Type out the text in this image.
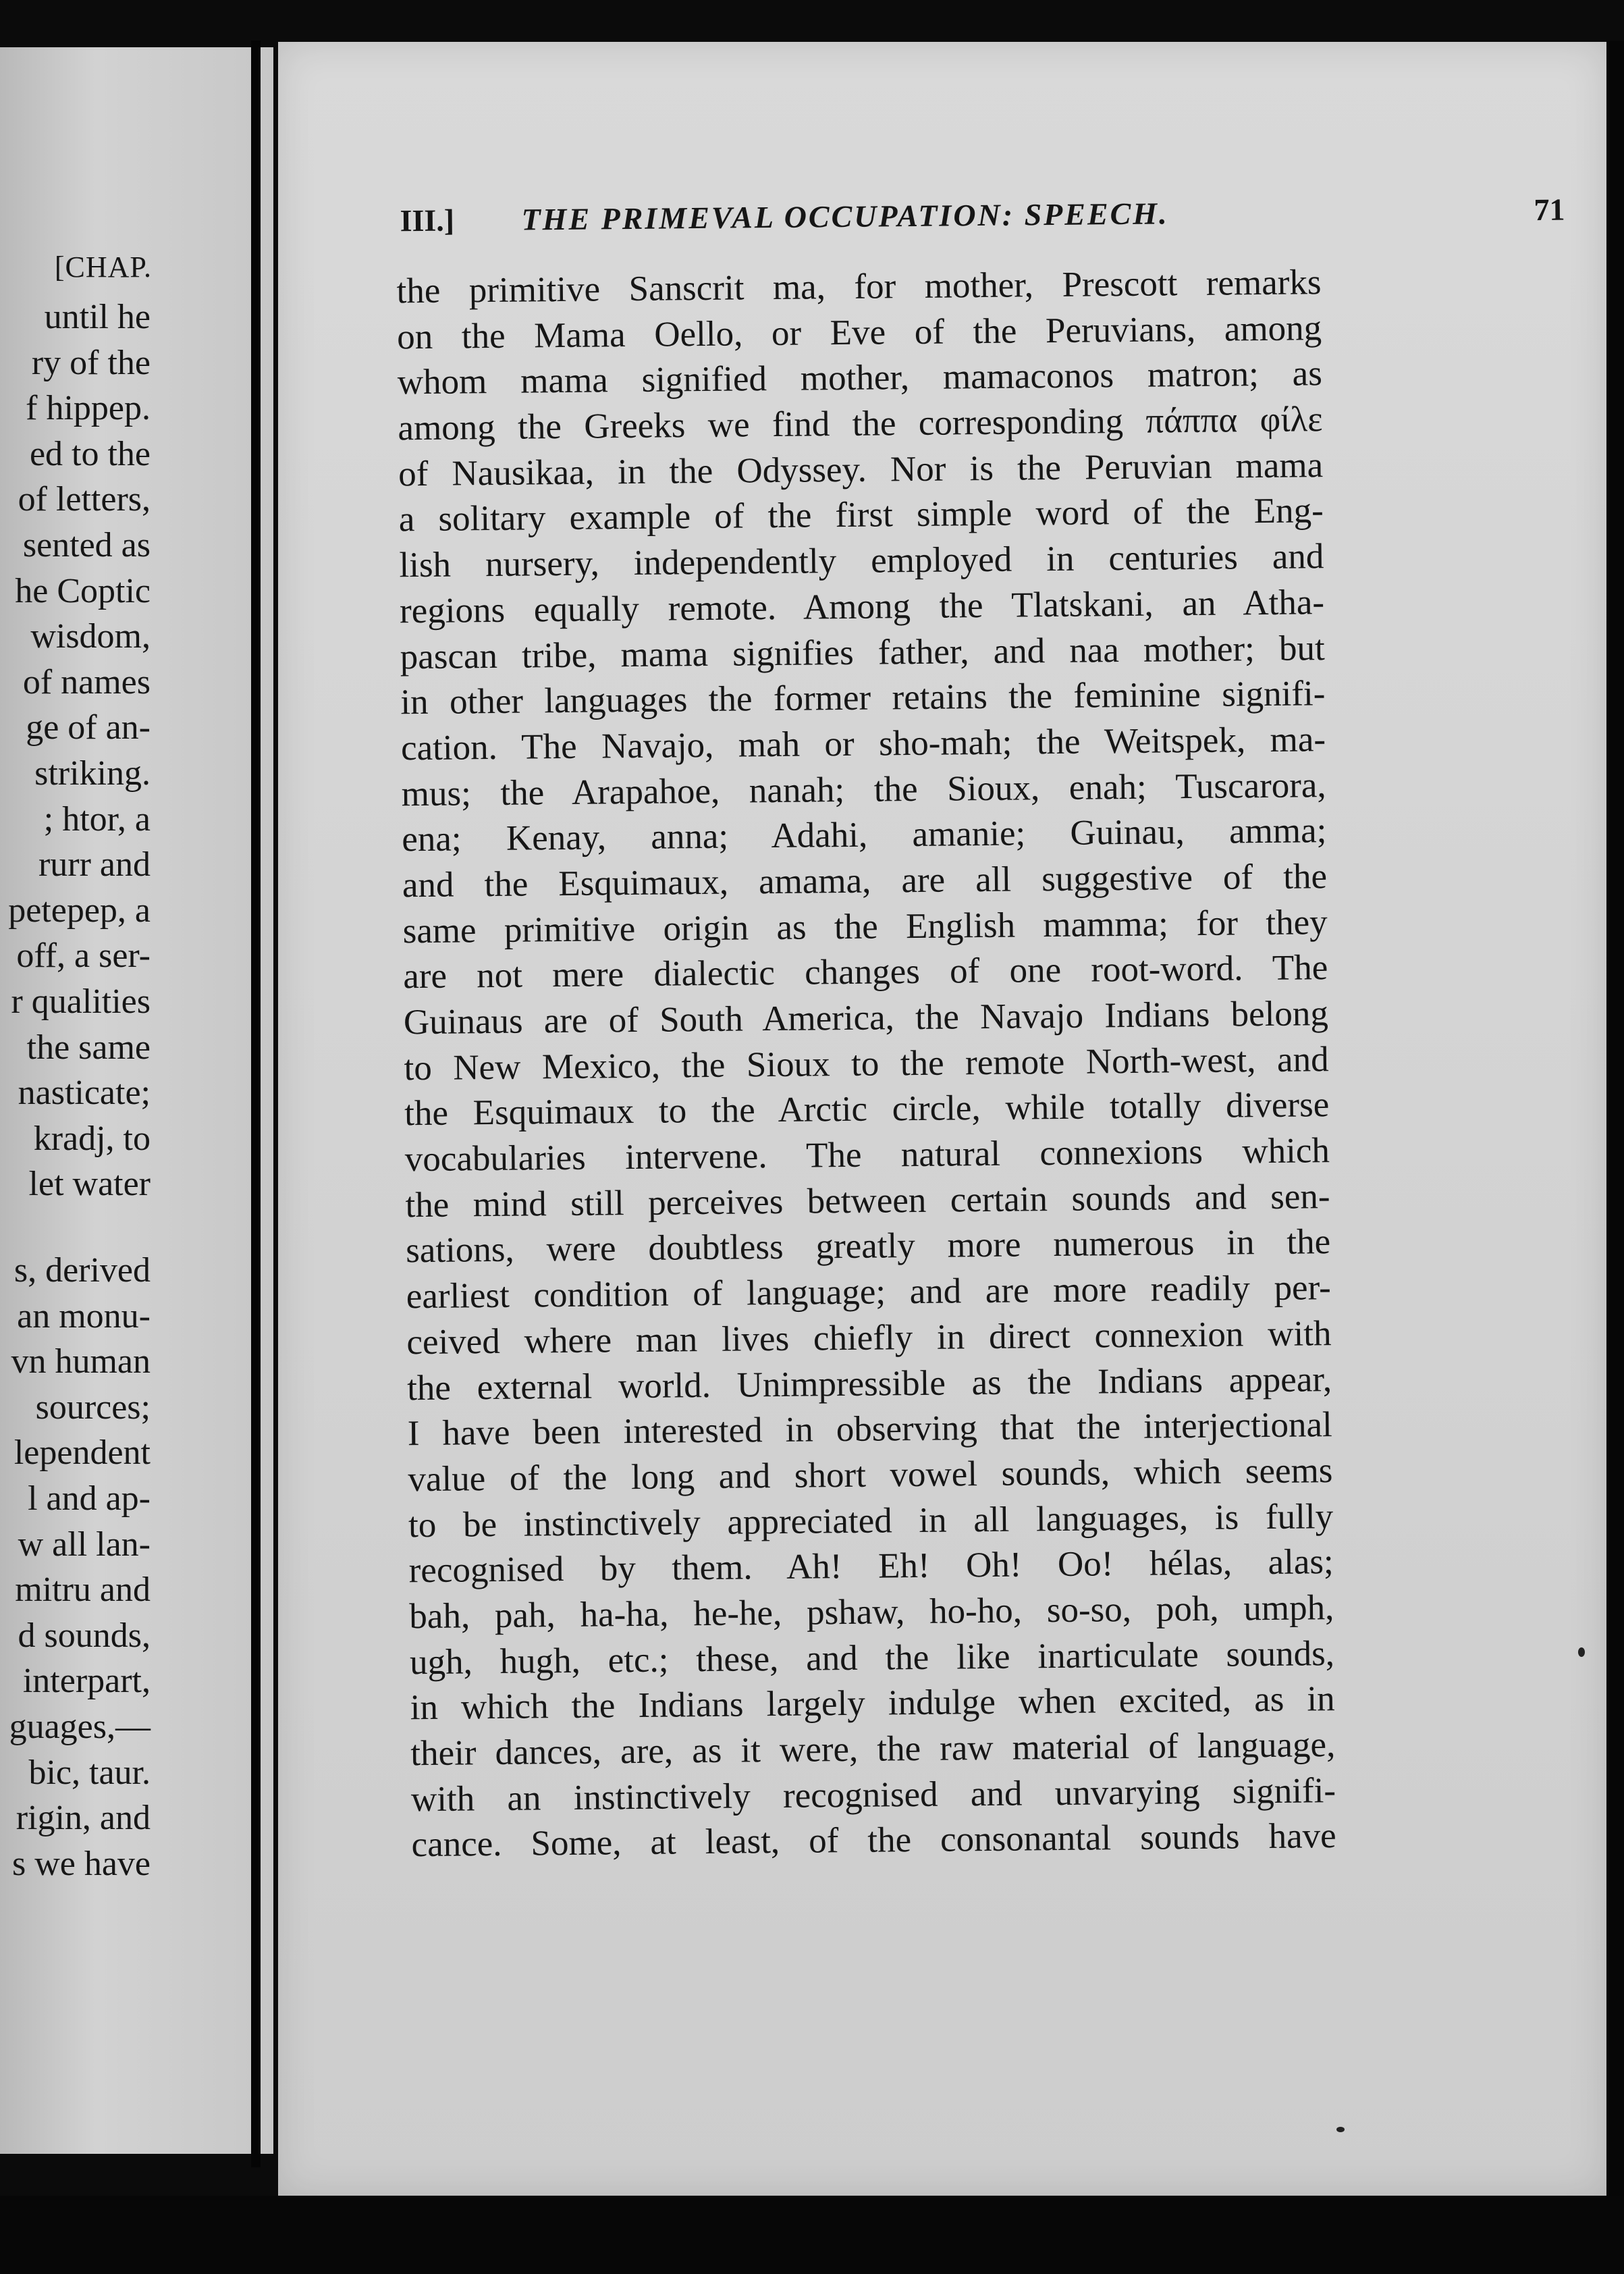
[CHAP.
until he
ry of the
f hippep.
ed to the
of letters,
sented as
he Coptic
wisdom,
of names
ge of an-
striking.
; htor, a
rurr and
petepep, a
off, a ser-
r qualities
the same
nasticate;
kradj, to
let water
s, derived
an monu-
vn human
sources;
lependent
l and ap-
w all lan-
mitru and
d sounds,
interpart,
guages,—
bic, taur.
rigin, and
s we have
III.] THE PRIMEVAL OCCUPATION: SPEECH.	71
the primitive Sanscrit ma, for mother, Prescott remarks
on the Mama Oello, or Eve of the Peruvians, among
whom mama signified mother, mamaconos matron; as
among the Greeks we find the corresponding πάππα φίλε
of Nausikaa, in the Odyssey. Nor is the Peruvian mama
a solitary example of the first simple word of the Eng-
lish nursery, independently employed in centuries and
regions equally remote. Among the Tlatskani, an Atha-
pascan tribe, mama signifies father, and naa mother; but
in other languages the former retains the feminine signifi-
cation. The Navajo, mah or sho-mah; the Weitspek, ma-
mus; the Arapahoe, nanah; the Sioux, enah; Tuscarora,
ena; Kenay, anna; Adahi, amanie; Guinau, amma;
and the Esquimaux, amama, are all suggestive of the
same primitive origin as the English mamma; for they
are not mere dialectic changes of one root-word. The
Guinaus are of South America, the Navajo Indians belong
to New Mexico, the Sioux to the remote North-west, and
the Esquimaux to the Arctic circle, while totally diverse
vocabularies intervene. The natural connexions which
the mind still perceives between certain sounds and sen-
sations, were doubtless greatly more numerous in the
earliest condition of language; and are more readily per-
ceived where man lives chiefly in direct connexion with
the external world. Unimpressible as the Indians appear,
I have been interested in observing that the interjectional
value of the long and short vowel sounds, which seems
to be instinctively appreciated in all languages, is fully
recognised by them. Ah! Eh! Oh! Oo! hélas, alas;
bah, pah, ha-ha, he-he, pshaw, ho-ho, so-so, poh, umph,
ugh, hugh, etc.; these, and the like inarticulate sounds,
in which the Indians largely indulge when excited, as in
their dances, are, as it were, the raw material of language,
with an instinctively recognised and unvarying signifi-
cance. Some, at least, of the consonantal sounds have
